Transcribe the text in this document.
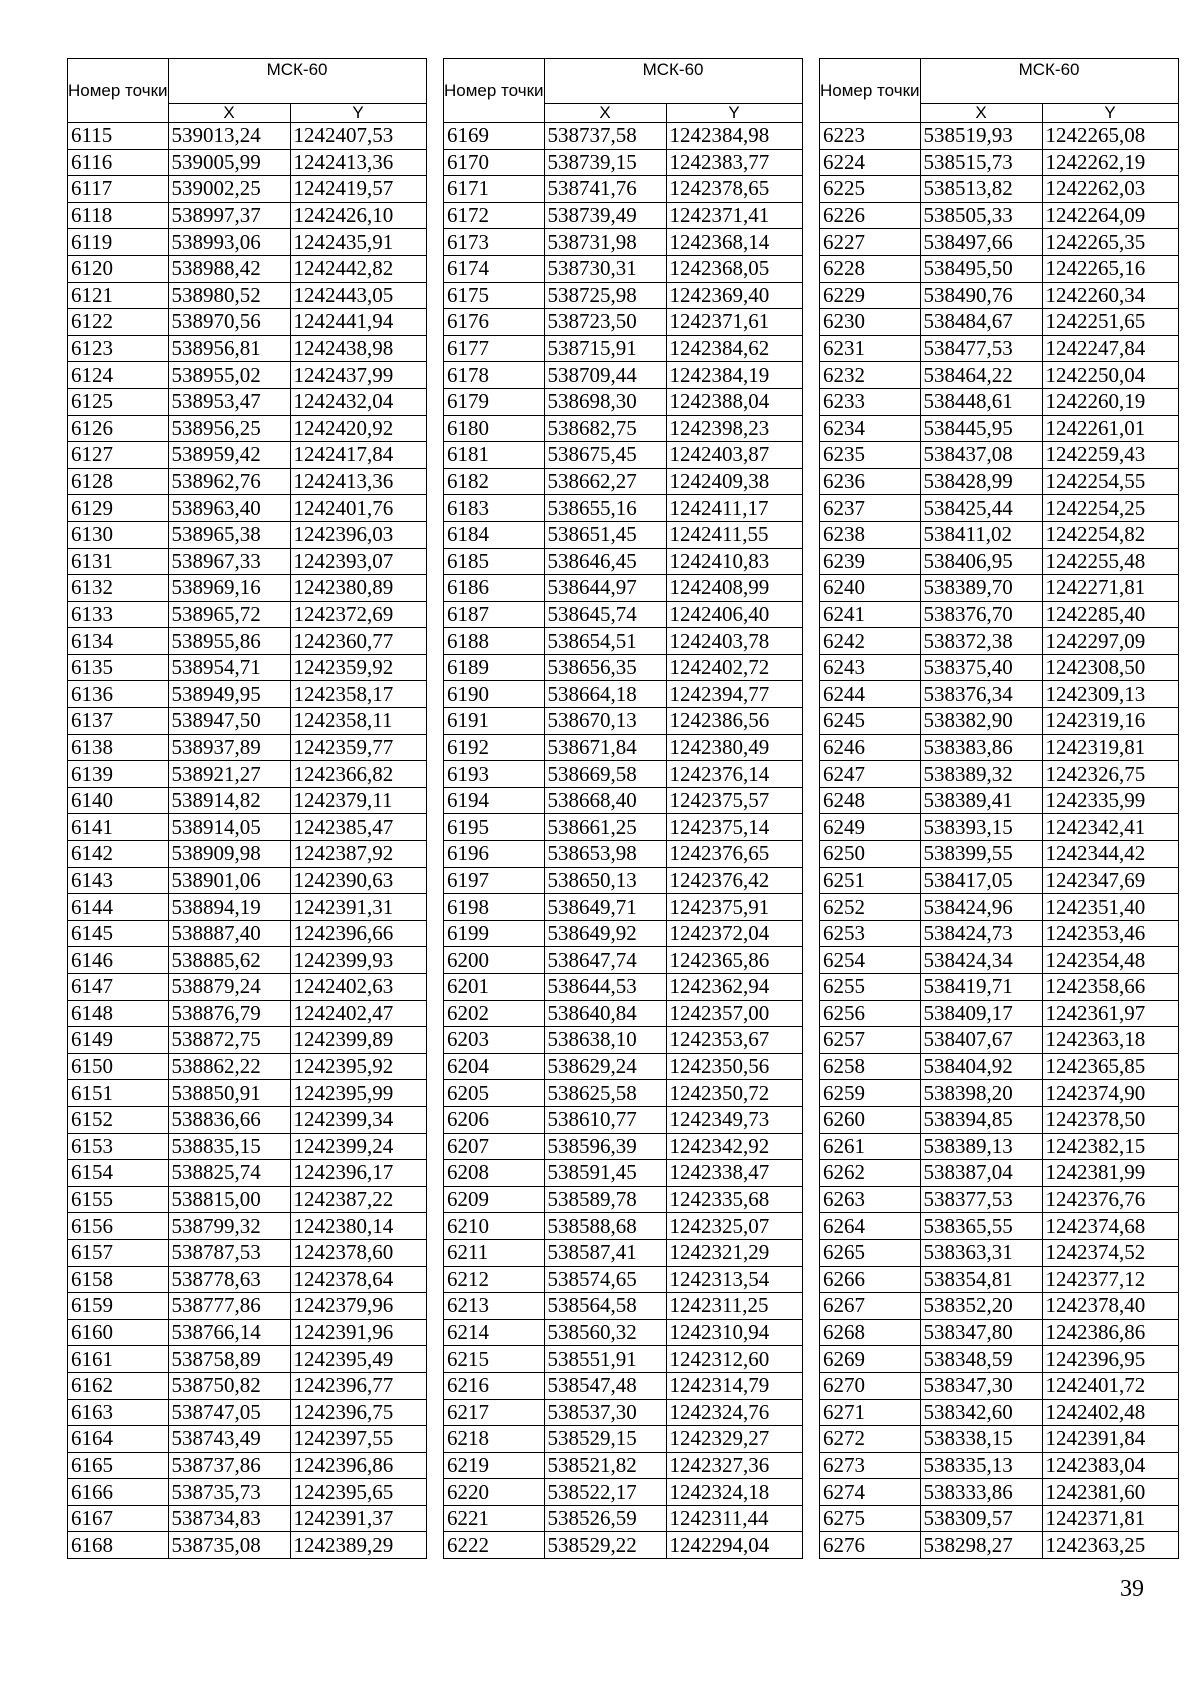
Номер точки	МСК-60	
	X	Y
6115	539013,24	1242407,53
6116	539005,99	1242413,36
6117	539002,25	1242419,57
6118	538997,37	1242426,10
6119	538993,06	1242435,91
6120	538988,42	1242442,82
6121	538980,52	1242443,05
6122	538970,56	1242441,94
6123	538956,81	1242438,98
6124	538955,02	1242437,99
6125	538953,47	1242432,04
6126	538956,25	1242420,92
6127	538959,42	1242417,84
6128	538962,76	1242413,36
6129	538963,40	1242401,76
6130	538965,38	1242396,03
6131	538967,33	1242393,07
6132	538969,16	1242380,89
6133	538965,72	1242372,69
6134	538955,86	1242360,77
6135	538954,71	1242359,92
6136	538949,95	1242358,17
6137	538947,50	1242358,11
6138	538937,89	1242359,77
6139	538921,27	1242366,82
6140	538914,82	1242379,11
6141	538914,05	1242385,47
6142	538909,98	1242387,92
6143	538901,06	1242390,63
6144	538894,19	1242391,31
6145	538887,40	1242396,66
6146	538885,62	1242399,93
6147	538879,24	1242402,63
6148	538876,79	1242402,47
6149	538872,75	1242399,89
6150	538862,22	1242395,92
6151	538850,91	1242395,99
6152	538836,66	1242399,34
6153	538835,15	1242399,24
6154	538825,74	1242396,17
6155	538815,00	1242387,22
6156	538799,32	1242380,14
6157	538787,53	1242378,60
6158	538778,63	1242378,64
6159	538777,86	1242379,96
6160	538766,14	1242391,96
6161	538758,89	1242395,49
6162	538750,82	1242396,77
6163	538747,05	1242396,75
6164	538743,49	1242397,55
6165	538737,86	1242396,86
6166	538735,73	1242395,65
6167	538734,83	1242391,37
6168	538735,08	1242389,29
Номер точки	МСК-60	
	X	Y
6169	538737,58	1242384,98
6170	538739,15	1242383,77
6171	538741,76	1242378,65
6172	538739,49	1242371,41
6173	538731,98	1242368,14
6174	538730,31	1242368,05
6175	538725,98	1242369,40
6176	538723,50	1242371,61
6177	538715,91	1242384,62
6178	538709,44	1242384,19
6179	538698,30	1242388,04
6180	538682,75	1242398,23
6181	538675,45	1242403,87
6182	538662,27	1242409,38
6183	538655,16	1242411,17
6184	538651,45	1242411,55
6185	538646,45	1242410,83
6186	538644,97	1242408,99
6187	538645,74	1242406,40
6188	538654,51	1242403,78
6189	538656,35	1242402,72
6190	538664,18	1242394,77
6191	538670,13	1242386,56
6192	538671,84	1242380,49
6193	538669,58	1242376,14
6194	538668,40	1242375,57
6195	538661,25	1242375,14
6196	538653,98	1242376,65
6197	538650,13	1242376,42
6198	538649,71	1242375,91
6199	538649,92	1242372,04
6200	538647,74	1242365,86
6201	538644,53	1242362,94
6202	538640,84	1242357,00
6203	538638,10	1242353,67
6204	538629,24	1242350,56
6205	538625,58	1242350,72
6206	538610,77	1242349,73
6207	538596,39	1242342,92
6208	538591,45	1242338,47
6209	538589,78	1242335,68
6210	538588,68	1242325,07
6211	538587,41	1242321,29
6212	538574,65	1242313,54
6213	538564,58	1242311,25
6214	538560,32	1242310,94
6215	538551,91	1242312,60
6216	538547,48	1242314,79
6217	538537,30	1242324,76
6218	538529,15	1242329,27
6219	538521,82	1242327,36
6220	538522,17	1242324,18
6221	538526,59	1242311,44
6222	538529,22	1242294,04
Номер точки	МСК-60	
	X	Y
6223	538519,93	1242265,08
6224	538515,73	1242262,19
6225	538513,82	1242262,03
6226	538505,33	1242264,09
6227	538497,66	1242265,35
6228	538495,50	1242265,16
6229	538490,76	1242260,34
6230	538484,67	1242251,65
6231	538477,53	1242247,84
6232	538464,22	1242250,04
6233	538448,61	1242260,19
6234	538445,95	1242261,01
6235	538437,08	1242259,43
6236	538428,99	1242254,55
6237	538425,44	1242254,25
6238	538411,02	1242254,82
6239	538406,95	1242255,48
6240	538389,70	1242271,81
6241	538376,70	1242285,40
6242	538372,38	1242297,09
6243	538375,40	1242308,50
6244	538376,34	1242309,13
6245	538382,90	1242319,16
6246	538383,86	1242319,81
6247	538389,32	1242326,75
6248	538389,41	1242335,99
6249	538393,15	1242342,41
6250	538399,55	1242344,42
6251	538417,05	1242347,69
6252	538424,96	1242351,40
6253	538424,73	1242353,46
6254	538424,34	1242354,48
6255	538419,71	1242358,66
6256	538409,17	1242361,97
6257	538407,67	1242363,18
6258	538404,92	1242365,85
6259	538398,20	1242374,90
6260	538394,85	1242378,50
6261	538389,13	1242382,15
6262	538387,04	1242381,99
6263	538377,53	1242376,76
6264	538365,55	1242374,68
6265	538363,31	1242374,52
6266	538354,81	1242377,12
6267	538352,20	1242378,40
6268	538347,80	1242386,86
6269	538348,59	1242396,95
6270	538347,30	1242401,72
6271	538342,60	1242402,48
6272	538338,15	1242391,84
6273	538335,13	1242383,04
6274	538333,86	1242381,60
6275	538309,57	1242371,81
6276	538298,27	1242363,25
39
